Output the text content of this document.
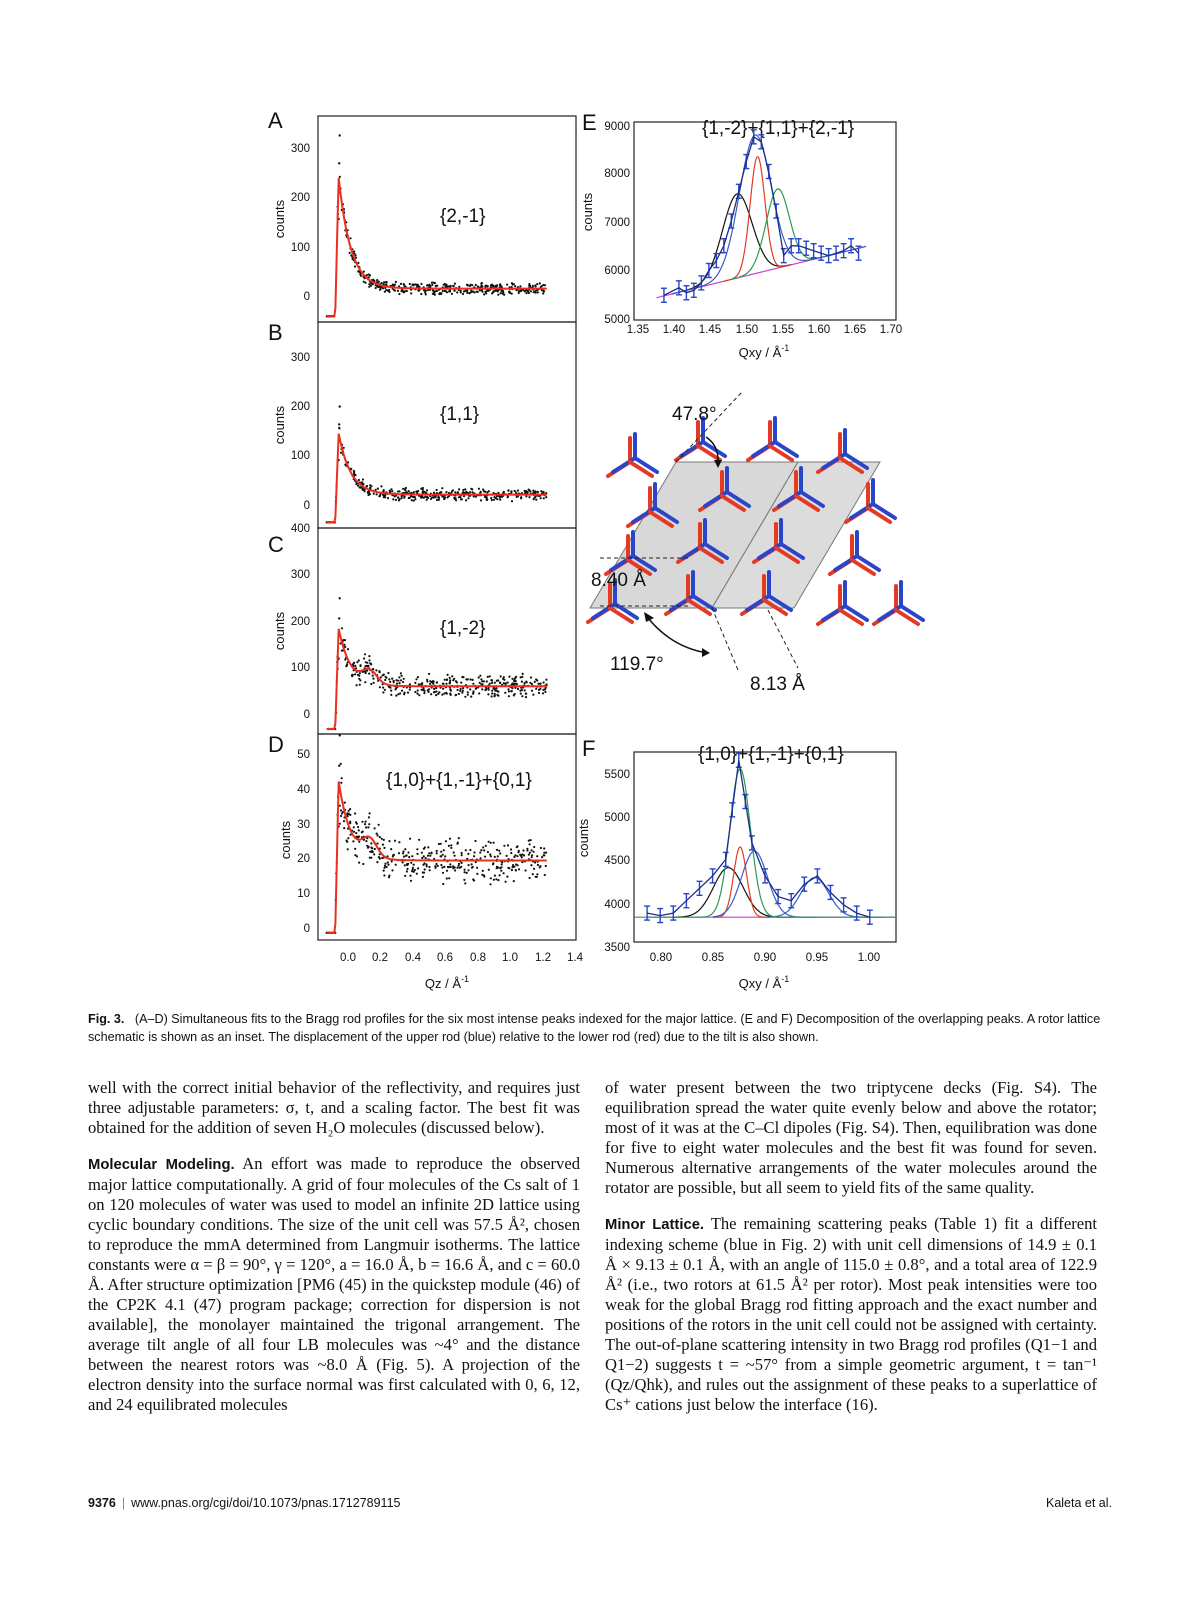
A
B
C
D
E
F
{2,-1}
{1,1}
{1,-2}
{1,0}+{1,-1}+{0,1}
{1,-2}+{1,1}+{2,-1}
{1,0}+{1,-1}+{0,1}
counts
counts
counts
counts
counts
counts
300
200
100
0
300
200
100
0
400
300
200
100
0
50
40
30
20
10
0
0.0 0.2 0.4 0.6 0.8 1.0 1.2 1.4
Qz / $Å^{-1}$
9000
8000
7000
6000
5000
1.35 1.40 1.45 1.50 1.55 1.60 1.65 1.70
Qxy / $Å^{-1}$
5500
5000
4500
4000
3500
0.80	0.85	0.90	0.95	1.00
Qxy / $Å^{-1}$
47.8°
8.40 Å
119.7°
8.13 Å
Fig. 3. (A–D) Simultaneous fits to the Bragg rod profiles for the six most intense peaks indexed for the major lattice. (E and F) Decomposition of the overlapping peaks. A rotor lattice schematic is shown as an inset. The displacement of the upper rod (blue) relative to the lower rod (red) due to the tilt is also shown.

well with the correct initial behavior of the reflectivity, and requires just three adjustable parameters: σ, t, and a scaling factor. The best fit was obtained for the addition of seven H₂O molecules (discussed below).

Molecular Modeling. An effort was made to reproduce the observed major lattice computationally. A grid of four molecules of the Cs salt of 1 on 120 molecules of water was used to model an infinite 2D lattice using cyclic boundary conditions. The size of the unit cell was 57.5 Å², chosen to reproduce the mmA determined from Langmuir isotherms. The lattice constants were α = β = 90°, γ = 120°, a = 16.0 Å, b = 16.6 Å, and c = 60.0 Å. After structure optimization [PM6 (45) in the quickstep module (46) of the CP2K 4.1 (47) program package; correction for dispersion is not available], the monolayer maintained the trigonal arrangement. The average tilt angle of all four LB molecules was ~4° and the distance between the nearest rotors was ~8.0 Å (Fig. 5). A projection of the electron density into the surface normal was first calculated with 0, 6, 12, and 24 equilibrated molecules

of water present between the two triptycene decks (Fig. S4). The equilibration spread the water quite evenly below and above the rotator; most of it was at the C–Cl dipoles (Fig. S4). Then, equilibration was done for five to eight water molecules and the best fit was found for seven. Numerous alternative arrangements of the water molecules around the rotator are possible, but all seem to yield fits of the same quality.

Minor Lattice. The remaining scattering peaks (Table 1) fit a different indexing scheme (blue in Fig. 2) with unit cell dimensions of 14.9 ± 0.1 Å × 9.13 ± 0.1 Å, with an angle of 115.0 ± 0.8°, and a total area of 122.9 Å² (i.e., two rotors at 61.5 Å² per rotor). Most peak intensities were too weak for the global Bragg rod fitting approach and the exact number and positions of the rotors in the unit cell could not be assigned with certainty. The out-of-plane scattering intensity in two Bragg rod profiles (Q1−1 and Q1−2) suggests t = ~57° from a simple geometric argument, t = tan⁻¹ (Qz/Qhk), and rules out the assignment of these peaks to a superlattice of Cs⁺ cations just below the interface (16).

9376 | www.pnas.org/cgi/doi/10.1073/pnas.1712789115	Kaleta et al.
